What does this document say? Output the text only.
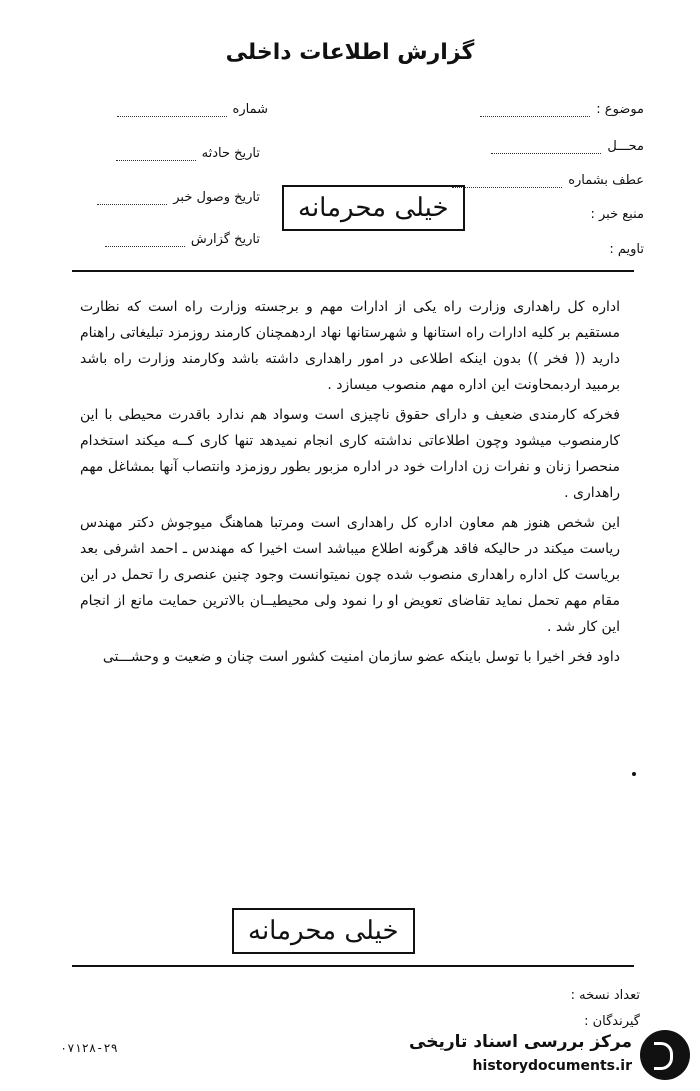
گزارش اطلاعات داخلی
موضوع :
محـــل
عطف بشماره
منبع خبر :
تاویم :
شماره
تاریخ حادثه
تاریخ وصول خبر
تاریخ گزارش
خیلی محرمانه

اداره کل راهداری وزارت راه یکی از ادارات مهم و برجسته وزارت راه است که نظارت مستقیم بر کلیه ادارات راه استانها و شهرستانها نهاد اردهمچنان کارمند روزمزد تبلیغاتی راهنام دارید (( فخر )) بدون اینکه اطلاعی در امور راهداری داشته باشد وکارمند وزارت راه باشد برمبید اردبمحاونت این اداره مهم منصوب میسازد .

فخرکه کارمندی ضعیف و دارای حقوق ناچیزی است وسواد هم ندارد باقدرت محیطی با این کارمنصوب میشود وچون اطلاعاتی نداشته کاری انجام نمیدهد تنها کاری کــه میکند استخدام منحصرا زنان و نفرات زن ادارات خود در اداره مزبور بطور روزمزد وانتصاب آنها بمشاغل مهم راهداری .

این شخص هنوز هم معاون اداره کل راهداری است ومرتبا هماهنگ میوجوش دکتر مهندس ریاست میکند در حالیکه فاقد هرگونه اطلاع میباشد است اخیرا که مهندس ـ احمد اشرفی بعد بریاست کل اداره راهداری منصوب شده چون نمیتوانست وجود چنین عنصری را تحمل در این مقام مهم تحمل نماید تقاضای تعویض او را نمود ولی محیطیــان بالاترین حمایت مانع از انجام این کار شد .

داود فخر اخیرا با توسل باینکه عضو سازمان امنیت کشور است چنان و ضعیت و وحشـــتی

خیلی محرمانه
تعداد نسخه :
گیرندگان :
۰۷۱۲۸-۲۹	مرکز بررسی اسناد تاریخی
historydocuments.ir
